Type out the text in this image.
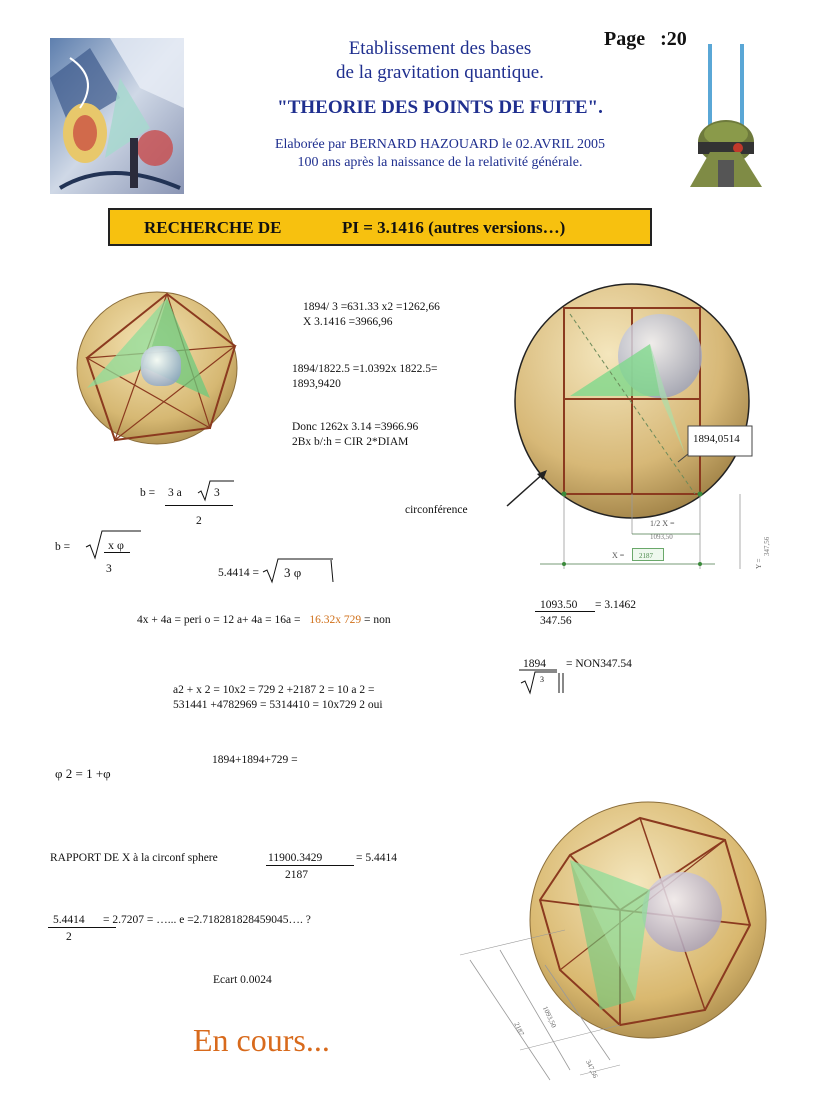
Etablissement des bases
de la gravitation quantique.
"THEORIE DES POINTS DE FUITE".
Elaborée par BERNARD HAZOUARD le 02.AVRIL 2005
100 ans après la naissance de la relativité générale.
Page :20
RECHERCHE DE	PI = 3.1416 (autres versions…)
1894/ 3 =631.33 x2 =1262,66
X 3.1416 =3966,96
1894/1822.5 =1.0392x 1822.5=
1893,9420
Donc 1262x 3.14 =3966.96
2Bx b/:h = CIR 2*DIAM	1894,0514
1/2 X =
1093,50
X = 2187
Y =
347,56
circonférence
b = 3 a	3
2
b =	x φ
3	5.4414 = 3 φ
1093.50 = 3.1462
347.56
4x + 4a = peri o = 12 a+ 4a = 16a = 16.32x 729 = non
1894 = NON347.54
3
a2 + x 2 = 10x2 = 729 2 +2187 2 = 10 a 2 =
531441 +4782969 = 5314410 = 10x729 2 oui
1894+1894+729 =
φ 2 = 1 +φ
RAPPORT DE X à la circonf sphere	11900.3429	= 5.4414
2187
5.4414 = 2.7207 = …... e =2.718281828459045…. ?
2
Ecart 0.0024
2187
1093,50
347,56
En cours...
